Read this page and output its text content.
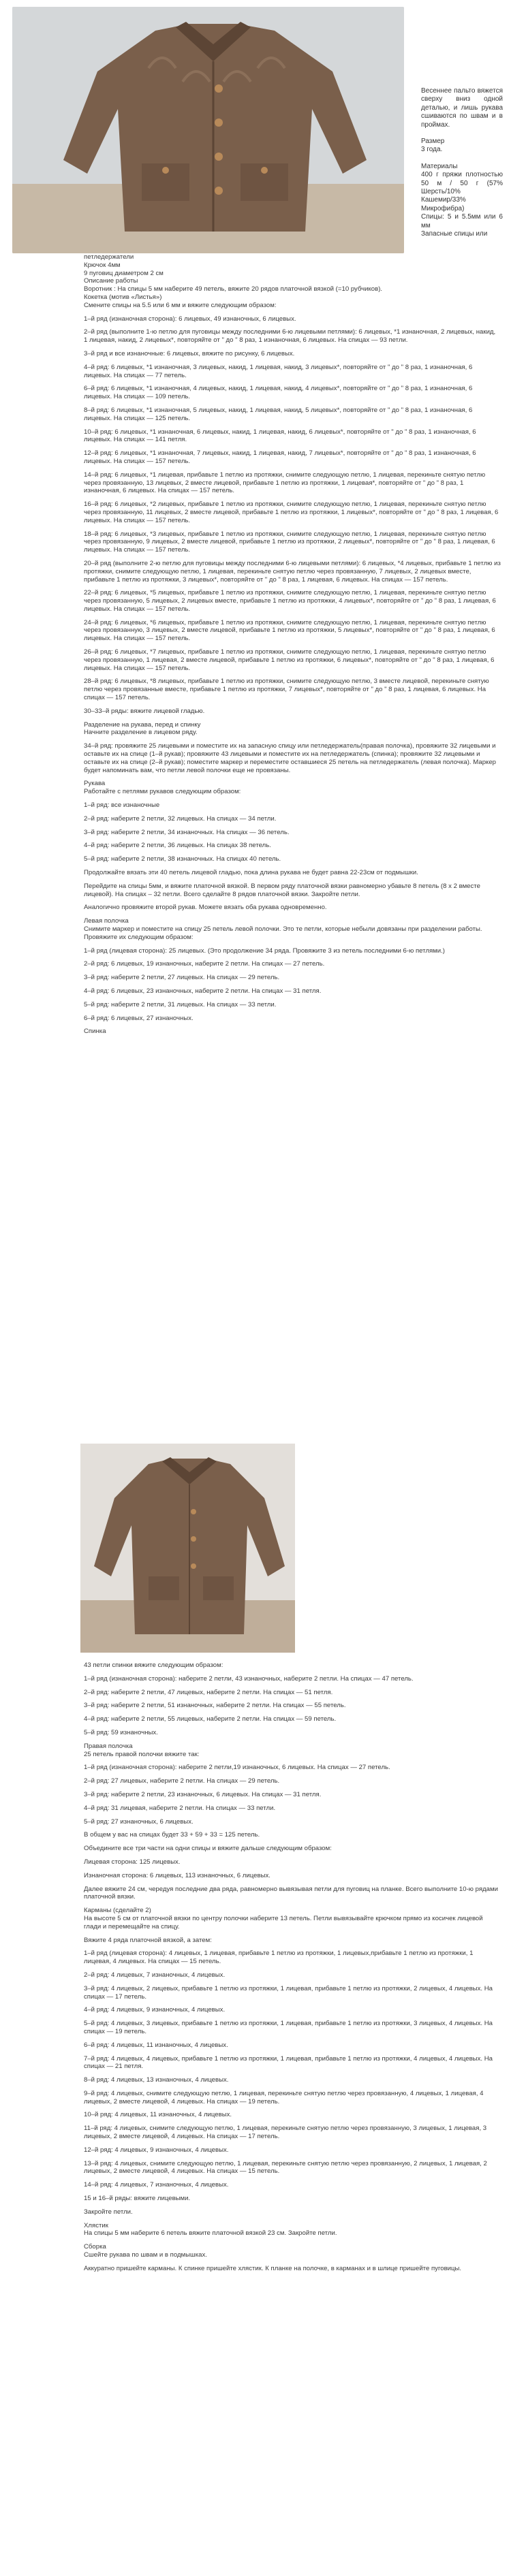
Весеннее пальто вяжется сверху вниз одной деталью, и лишь рукава сшиваются по швам и в проймах.

Размер
3 года.

Материалы
400 г пряжи плотностью 50 м / 50 г (57% Шерсть/10% Кашемир/33% Микрофибра)
Спицы: 5 и 5.5мм или 6 мм
Запасные спицы или

петледержатели
Крючок 4мм
9 пуговиц диаметром 2 см
Описание работы
Воротник : На спицы 5 мм наберите 49 петель, вяжите 20 рядов платочной вязкой (=10 рубчиков).
Кокетка (мотив «Листья»)
Смените спицы на 5.5 или 6 мм и вяжите следующим образом:
1–й ряд (изнаночная сторона): 6 лицевых, 49 изнаночных, 6 лицевых.
2–й ряд (выполните 1-ю петлю для пуговицы между последними 6-ю лицевыми петлями): 6 лицевых, *1 изнаночная, 2 лицевых, накид, 1 лицевая, накид, 2 лицевых*, повторяйте от " до " 8 раз, 1 изнаночная, 6 лицевых. На спицах — 93 петли.
3–й ряд и все изнаночные: 6 лицевых, вяжите по рисунку, 6 лицевых.
4–й ряд: 6 лицевых, *1 изнаночная, 3 лицевых, накид, 1 лицевая, накид, 3 лицевых*, повторяйте от " до " 8 раз, 1 изнаночная, 6 лицевых. На спицах — 77 петель.
6–й ряд: 6 лицевых, *1 изнаночная, 4 лицевых, накид, 1 лицевая, накид, 4 лицевых*, повторяйте от " до " 8 раз, 1 изнаночная, 6 лицевых. На спицах — 109 петель.
8–й ряд: 6 лицевых, *1 изнаночная, 5 лицевых, накид, 1 лицевая, накид, 5 лицевых*, повторяйте от " до " 8 раз, 1 изнаночная, 6 лицевых. На спицах — 125 петель.
10–й ряд: 6 лицевых, *1 изнаночная, 6 лицевых, накид, 1 лицевая, накид, 6 лицевых*, повторяйте от " до " 8 раз, 1 изнаночная, 6 лицевых. На спицах — 141 петля.
12–й ряд: 6 лицевых, *1 изнаночная, 7 лицевых, накид, 1 лицевая, накид, 7 лицевых*, повторяйте от " до " 8 раз, 1 изнаночная, 6 лицевых. На спицах — 157 петель.
14–й ряд: 6 лицевых, *1 лицевая, прибавьте 1 петлю из протяжки, снимите следующую петлю, 1 лицевая, перекиньте снятую петлю через провязанную, 13 лицевых, 2 вместе лицевой, прибавьте 1 петлю из протяжки, 1 лицевая*, повторяйте от " до " 8 раз, 1 изнаночная, 6 лицевых. На спицах — 157 петель.
16–й ряд: 6 лицевых, *2 лицевых, прибавьте 1 петлю из протяжки, снимите следующую петлю, 1 лицевая, перекиньте снятую петлю через провязанную, 11 лицевых, 2 вместе лицевой, прибавьте 1 петлю из протяжки, 1 лицевых*, повторяйте от " до " 8 раз, 1 лицевая, 6 лицевых. На спицах — 157 петель.
18–й ряд: 6 лицевых, *3 лицевых, прибавьте 1 петлю из протяжки, снимите следующую петлю, 1 лицевая, перекиньте снятую петлю через провязанную, 9 лицевых, 2 вместе лицевой, прибавьте 1 петлю из протяжки, 2 лицевых*, повторяйте от " до " 8 раз, 1 лицевая, 6 лицевых. На спицах — 157 петель.
20–й ряд (выполните 2-ю петлю для пуговицы между последними 6-ю лицевыми петлями): 6 лицевых, *4 лицевых, прибавьте 1 петлю из протяжки, снимите следующую петлю, 1 лицевая, перекиньте снятую петлю через провязанную, 7 лицевых, 2 лицевых вместе, прибавьте 1 петлю из протяжки, 3 лицевых*, повторяйте от " до " 8 раз, 1 лицевая, 6 лицевых. На спицах — 157 петель.
22–й ряд: 6 лицевых, *5 лицевых, прибавьте 1 петлю из протяжки, снимите следующую петлю, 1 лицевая, перекиньте снятую петлю через провязанную, 5 лицевых, 2 лицевых вместе, прибавьте 1 петлю из протяжки, 4 лицевых*, повторяйте от " до " 8 раз, 1 лицевая, 6 лицевых. На спицах — 157 петель.
24–й ряд: 6 лицевых, *6 лицевых, прибавьте 1 петлю из протяжки, снимите следующую петлю, 1 лицевая, перекиньте снятую петлю через провязанную, 3 лицевых, 2 вместе лицевой, прибавьте 1 петлю из протяжки, 5 лицевых*, повторяйте от " до " 8 раз, 1 лицевая, 6 лицевых. На спицах — 157 петель.
26–й ряд: 6 лицевых, *7 лицевых, прибавьте 1 петлю из протяжки, снимите следующую петлю, 1 лицевая, перекиньте снятую петлю через провязанную, 1 лицевая, 2 вместе лицевой, прибавьте 1 петлю из протяжки, 6 лицевых*, повторяйте от " до " 8 раз, 1 лицевая, 6 лицевых. На спицах — 157 петель.
28–й ряд: 6 лицевых, *8 лицевых, прибавьте 1 петлю из протяжки, снимите следующую петлю, 3 вместе лицевой, перекиньте снятую петлю через провязанные вместе, прибавьте 1 петлю из протяжки, 7 лицевых*, повторяйте от " до " 8 раз, 1 лицевая, 6 лицевых. На спицах — 157 петель.
30–33–й ряды: вяжите лицевой гладью.
Разделение на рукава, перед и спинку
Начните разделение в лицевом ряду.
34–й ряд: провяжите 25 лицевыми и поместите их на запасную спицу или петледержатель(правая полочка), провяжите 32 лицевыми и оставьте их на спице (1–й рукав); провяжите 43 лицевыми и поместите их на петледержатель (спинка); провяжите 32 лицевыми и оставьте их на спице (2–й рукав); поместите маркер и переместите оставшиеся 25 петель на петледержатель (левая полочка). Маркер будет напоминать вам, что петли левой полочки еще не провязаны.
Рукава
Работайте с петлями рукавов следующим образом:
1–й ряд: все изнаночные
2–й ряд: наберите 2 петли, 32 лицевых. На спицах — 34 петли.
3–й ряд: наберите 2 петли, 34 изнаночных. На спицах — 36 петель.
4–й ряд: наберите 2 петли, 36 лицевых. На спицах 38 петель.
5–й ряд: наберите 2 петли, 38 изнаночных. На спицах 40 петель.
Продолжайте вязать эти 40 петель лицевой гладью, пока длина рукава не будет равна 22-23см от подмышки.
Перейдите на спицы 5мм, и вяжите платочной вязкой. В первом ряду платочной вязки равномерно убавьте 8 петель (8 х 2 вместе лицевой). На спицах – 32 петли. Всего сделайте 8 рядов платочной вязки. Закройте петли.
Аналогично провяжите второй рукав. Можете вязать оба рукава одновременно.
Левая полочка
Снимите маркер и поместите на спицу 25 петель левой полочки. Это те петли, которые небыли довязаны при разделении работы. Провяжите их следующим образом:
1–й ряд (лицевая сторона): 25 лицевых. (Это продолжение 34 ряда. Провяжите 3 из петель последними 6-ю петлями.)
2–й ряд: 6 лицевых, 19 изнаночных, наберите 2 петли. На спицах — 27 петель.
3–й ряд: наберите 2 петли, 27 лицевых. На спицах — 29 петель.
4–й ряд: 6 лицевых, 23 изнаночных, наберите 2 петли. На спицах — 31 петля.
5–й ряд: наберите 2 петли, 31 лицевых. На спицах — 33 петли.
6–й ряд: 6 лицевых, 27 изнаночных.
Спинка
43 петли спинки вяжите следующим образом:
1–й ряд (изнаночная сторона): наберите 2 петли, 43 изнаночных, наберите 2 петли. На спицах — 47 петель.
2–й ряд: наберите 2 петли, 47 лицевых, наберите 2 петли. На спицах — 51 петля.
3–й ряд: наберите 2 петли, 51 изнаночных, наберите 2 петли. На спицах — 55 петель.
4–й ряд: наберите 2 петли, 55 лицевых, наберите 2 петли. На спицах — 59 петель.
5–й ряд: 59 изнаночных.
Правая полочка
25 петель правой полочки вяжите так:
1–й ряд (изнаночная сторона): наберите 2 петли,19 изнаночных, 6 лицевых. На спицах — 27 петель.
2–й ряд: 27 лицевых, наберите 2 петли. На спицах — 29 петель.
3–й ряд: наберите 2 петли, 23 изнаночных, 6 лицевых. На спицах — 31 петля.
4–й ряд: 31 лицевая, наберите 2 петли. На спицах — 33 петли.
5–й ряд: 27 изнаночных, 6 лицевых.
В общем у вас на спицах будет 33 + 59 + 33 = 125 петель.
Объедините все три части на одни спицы и вяжите дальше следующим образом:
Лицевая сторона: 125 лицевых.
Изнаночная сторона: 6 лицевых, 113 изнаночных, 6 лицевых.
Далее вяжите 24 см, чередуя последние два ряда, равномерно вывязывая петли для пуговиц на планке. Всего выполните 10-ю рядами платочной вязки.
Карманы (сделайте 2)
На высоте 5 см от платочной вязки по центру полочки наберите 13 петель. Петли вывязывайте крючком прямо из косичек лицевой глади и перемещайте на спицу.
Вяжите 4 ряда платочной вязкой, а затем:
1–й ряд (лицевая сторона): 4 лицевых, 1 лицевая, прибавьте 1 петлю из протяжки, 1 лицевых,прибавьте 1 петлю из протяжки, 1 лицевая, 4 лицевых. На спицах — 15 петель.
2–й ряд: 4 лицевых, 7 изнаночных, 4 лицевых.
3–й ряд: 4 лицевых, 2 лицевых, прибавьте 1 петлю из протяжки, 1 лицевая, прибавьте 1 петлю из протяжки, 2 лицевых, 4 лицевых. На спицах — 17 петель.
4–й ряд: 4 лицевых, 9 изнаночных, 4 лицевых.
5–й ряд: 4 лицевых, 3 лицевых, прибавьте 1 петлю из протяжки, 1 лицевая, прибавьте 1 петлю из протяжки, 3 лицевых, 4 лицевых. На спицах — 19 петель.
6–й ряд: 4 лицевых, 11 изнаночных, 4 лицевых.
7–й ряд: 4 лицевых, 4 лицевых, прибавьте 1 петлю из протяжки, 1 лицевая, прибавьте 1 петлю из протяжки, 4 лицевых, 4 лицевых. На спицах — 21 петля.
8–й ряд: 4 лицевых, 13 изнаночных, 4 лицевых.
9–й ряд: 4 лицевых, снимите следующую петлю, 1 лицевая, перекиньте снятую петлю через провязанную, 4 лицевых, 1 лицевая, 4 лицевых, 2 вместе лицевой, 4 лицевых. На спицах — 19 петель.
10–й ряд: 4 лицевых, 11 изнаночных, 4 лицевых.
11–й ряд: 4 лицевых, снимите следующую петлю, 1 лицевая, перекиньте снятую петлю через провязанную, 3 лицевых, 1 лицевая, 3 лицевых, 2 вместе лицевой, 4 лицевых. На спицах — 17 петель.
12–й ряд: 4 лицевых, 9 изнаночных, 4 лицевых.
13–й ряд: 4 лицевых, снимите следующую петлю, 1 лицевая, перекиньте снятую петлю через провязанную, 2 лицевых, 1 лицевая, 2 лицевых, 2 вместе лицевой, 4 лицевых. На спицах — 15 петель.
14–й ряд: 4 лицевых, 7 изнаночных, 4 лицевых.
15 и 16–й ряды: вяжите лицевыми.
Закройте петли.
Хлястик
На спицы 5 мм наберите 6 петель вяжите платочной вязкой 23 см. Закройте петли.
Сборка
Сшейте рукава по швам и в подмышках.
Аккуратно пришейте карманы. К спинке пришейте хлястик. К планке на полочке, в карманах и в шлице пришейте пуговицы.
